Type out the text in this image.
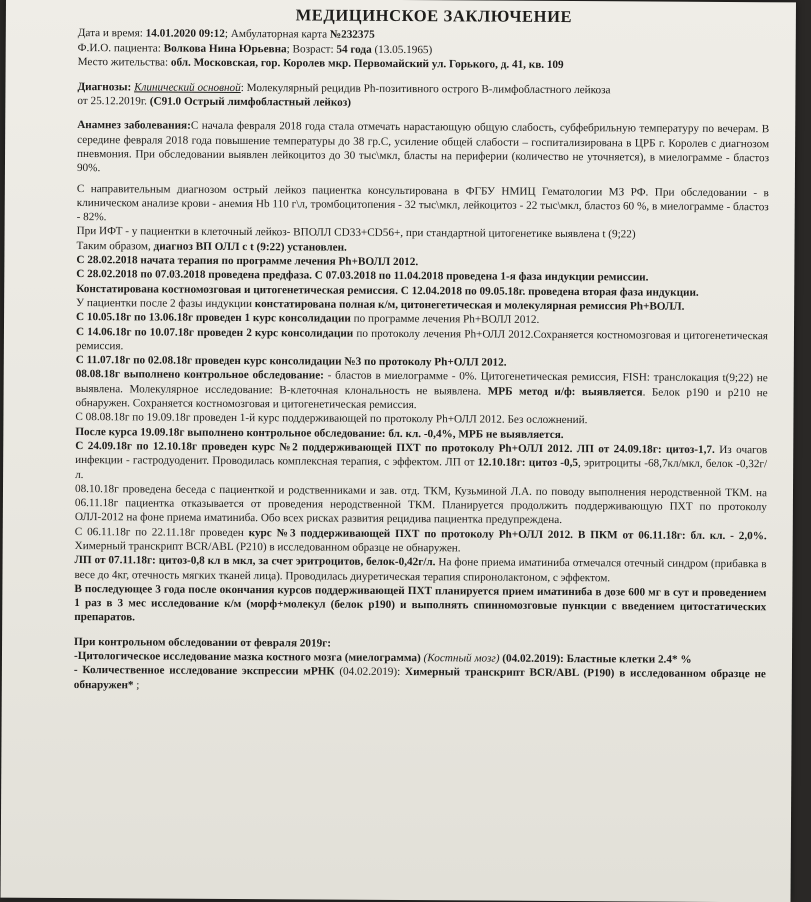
МЕДИЦИНСКОЕ ЗАКЛЮЧЕНИЕ

Дата и время: 14.01.2020 09:12; Амбулаторная карта №232375

Ф.И.О. пациента: Волкова Нина Юрьевна; Возраст: 54 года (13.05.1965)

Место жительства: обл. Московская, гор. Королев мкр. Первомайский ул. Горького, д. 41, кв. 109

Диагнозы: Клинический основной: Молекулярный рецидив Ph-позитивного острого В-лимфобластного лейкоза
от 25.12.2019г. (С91.0 Острый лимфобластный лейкоз)

Анамнез заболевания:С начала февраля 2018 года стала отмечать нарастающую общую слабость, субфебрильную температуру по вечерам. В середине февраля 2018 года повышение температуры до 38 гр.С, усиление общей слабости – госпитализирована в ЦРБ г. Королев с диагнозом пневмония. При обследовании выявлен лейкоцитоз до 30 тыс\мкл, бласты на периферии (количество не уточняется), в миелограмме - бластоз 90%.

С направительным диагнозом острый лейкоз пациентка консультирована в ФГБУ НМИЦ Гематологии МЗ РФ. При обследовании - в клиническом анализе крови - анемия Hb 110 г\л, тромбоцитопения - 32 тыс\мкл, лейкоцитоз - 22 тыс\мкл, бластоз 60 %, в миелограмме - бластоз - 82%.

При ИФТ - у пациентки в клеточный лейкоз- BПОЛЛ CD33+CD56+, при стандартной цитогенетике выявлена t (9;22)

Таким образом, диагноз ВП ОЛЛ с t (9:22) установлен.

С 28.02.2018 начата терапия по программе лечения Ph+ВОЛЛ 2012.

С 28.02.2018 по 07.03.2018 проведена предфаза. С 07.03.2018 по 11.04.2018 проведена 1-я фаза индукции ремиссии.

Констатирована костномозговая и цитогенетическая ремиссия. С 12.04.2018 по 09.05.18г. проведена вторая фаза индукции.

У пациентки после 2 фазы индукции констатирована полная к/м, цитонегетическая и молекулярная ремиссия Ph+ВОЛЛ.

С 10.05.18г по 13.06.18г проведен 1 курс консолидации по программе лечения Ph+ВОЛЛ 2012.

С 14.06.18г по 10.07.18г проведен 2 курс консолидации по протоколу лечения Ph+ОЛЛ 2012.Сохраняется костномозговая и цитогенетическая ремиссия.

С 11.07.18г по 02.08.18г проведен курс консолидации №3 по протоколу Ph+ОЛЛ 2012.

08.08.18г выполнено контрольное обследование: - бластов в миелограмме - 0%. Цитогенетическая ремиссия, FISH: транслокация t(9;22) не выявлена. Молекулярное исследование: В-клеточная клональность не выявлена. МРБ метод и/ф: выявляется. Белок р190 и р210 не обнаружен. Сохраняется костномозговая и цитогенетическая ремиссия.

С 08.08.18г по 19.09.18г проведен 1-й курс поддерживающей по протоколу Ph+ОЛЛ 2012. Без осложнений.

После курса 19.09.18г выполнено контрольное обследование: бл. кл. -0,4%, МРБ не выявляется.

С 24.09.18г по 12.10.18г проведен курс №2 поддерживающей ПХТ по протоколу Ph+ОЛЛ 2012. ЛП от 24.09.18г: цитоз-1,7. Из очагов инфекции - гастродуоденит. Проводилась комплексная терапия, с эффектом. ЛП от 12.10.18г: цитоз -0,5, эритроциты -68,7кл/мкл, белок -0,32г/л.

08.10.18г проведена беседа с пациенткой и родственниками и зав. отд. ТКМ, Кузьминой Л.А. по поводу выполнения неродственной ТКМ. на 06.11.18г пациентка отказывается от проведения неродственной ТКМ. Планируется продолжить поддерживающую ПХТ по протоколу ОЛЛ-2012 на фоне приема иматиниба. Обо всех рисках развития рецидива пациентка предупреждена.

С 06.11.18г по 22.11.18г проведен курс №3 поддерживающей ПХТ по протоколу Ph+ОЛЛ 2012. В ПКМ от 06.11.18г: бл. кл. - 2,0%. Химерный транскрипт BCR/ABL (P210) в исследованном образце не обнаружен.

ЛП от 07.11.18г: цитоз-0,8 кл в мкл, за счет эритроцитов, белок-0,42г/л. На фоне приема иматиниба отмечался отечный синдром (прибавка в весе до 4кг, отечность мягких тканей лица). Проводилась диуретическая терапия спиронолактоном, с эффектом.

В последующее 3 года после окончания курсов поддерживающей ПХТ планируется прием иматиниба в дозе 600 мг в сут и проведением 1 раз в 3 мес исследование к/м (морф+молекул (белок р190) и выполнять спинномозговые пункции с введением цитостатических препаратов.

При контрольном обследовании от февраля 2019г:

-Цитологическое исследование мазка костного мозга (миелограмма) (Костный мозг) (04.02.2019): Бластные клетки 2.4* %

- Количественное исследование экспрессии мРНК (04.02.2019): Химерный транскрипт BCR/ABL (P190) в исследованном образце не обнаружен* ;
